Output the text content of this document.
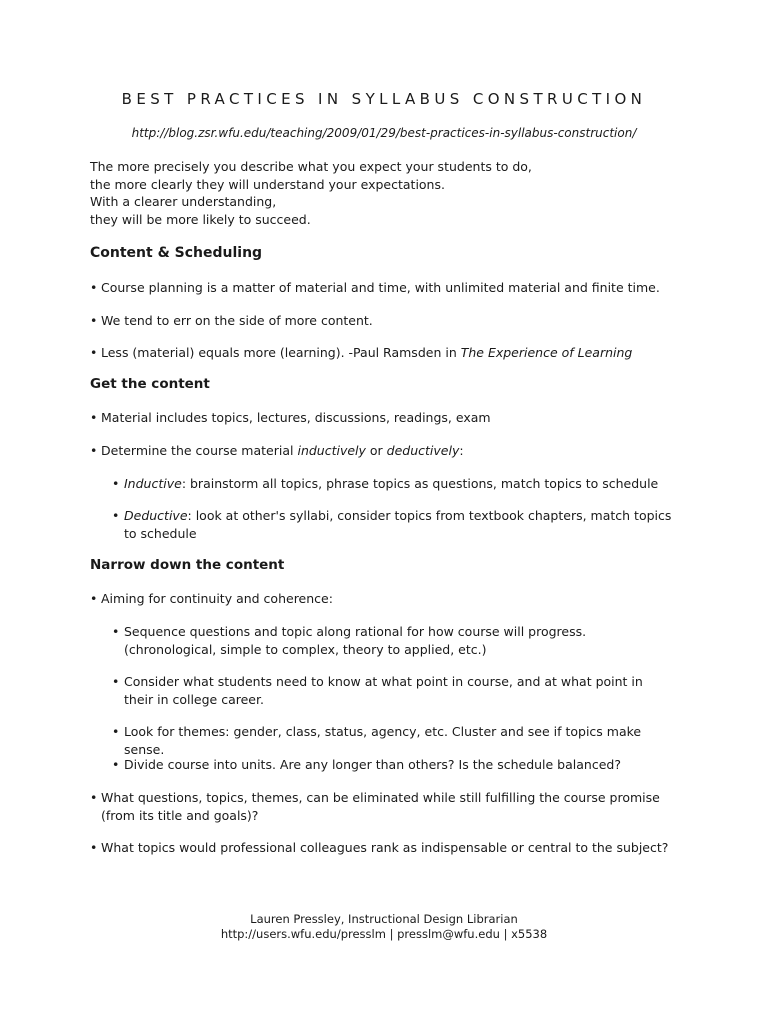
BEST PRACTICES IN SYLLABUS CONSTRUCTION
http://blog.zsr.wfu.edu/teaching/2009/01/29/best-practices-in-syllabus-construction/
The more precisely you describe what you expect your students to do,
the more clearly they will understand your expectations.
With a clearer understanding,
they will be more likely to succeed.
Content & Scheduling
• Course planning is a matter of material and time, with unlimited material and finite time.
• We tend to err on the side of more content.
• Less (material) equals more (learning). -Paul Ramsden in The Experience of Learning
Get the content
• Material includes topics, lectures, discussions, readings, exam
• Determine the course material inductively or deductively:
• Inductive: brainstorm all topics, phrase topics as questions, match topics to schedule
• Deductive: look at other's syllabi, consider topics from textbook chapters, match topics to schedule
Narrow down the content
• Aiming for continuity and coherence:
• Sequence questions and topic along rational for how course will progress. (chronological, simple to complex, theory to applied, etc.)
• Consider what students need to know at what point in course, and at what point in their in college career.
• Look for themes: gender, class, status, agency, etc. Cluster and see if topics make sense.
• Divide course into units. Are any longer than others? Is the schedule balanced?
• What questions, topics, themes, can be eliminated while still fulfilling the course promise (from its title and goals)?
• What topics would professional colleagues rank as indispensable or central to the subject?
Lauren Pressley, Instructional Design Librarian
http://users.wfu.edu/presslm | presslm@wfu.edu | x5538
